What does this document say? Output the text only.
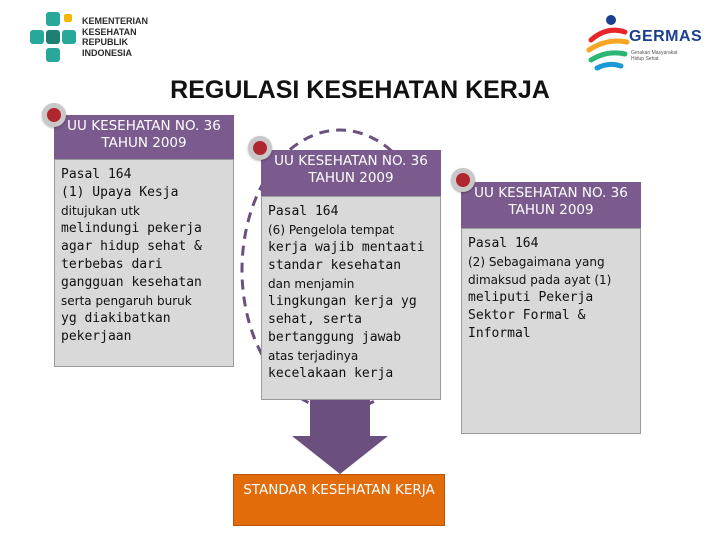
KEMENTERIAN
KESEHATAN
REPUBLIK
INDONESIA
GERMAS
Gerakan Masyarakat
Hidup Sehat
REGULASI KESEHATAN KERJA
UU KESEHATAN NO. 36 TAHUN 2009
Pasal 164
(1) Upaya Kesja
ditujukan utk
melindungi pekerja
agar hidup sehat &
terbebas dari
gangguan kesehatan
serta pengaruh buruk
yg diakibatkan
pekerjaan
UU KESEHATAN NO. 36 TAHUN 2009
Pasal 164
(6) Pengelola tempat
kerja wajib mentaati
standar kesehatan
dan menjamin
lingkungan kerja yg
sehat, serta
bertanggung jawab
atas terjadinya
kecelakaan kerja
UU KESEHATAN NO. 36 TAHUN 2009
Pasal 164
(2) Sebagaimana yang
dimaksud pada ayat (1)
meliputi Pekerja
Sektor Formal &
Informal
STANDAR KESEHATAN KERJA
